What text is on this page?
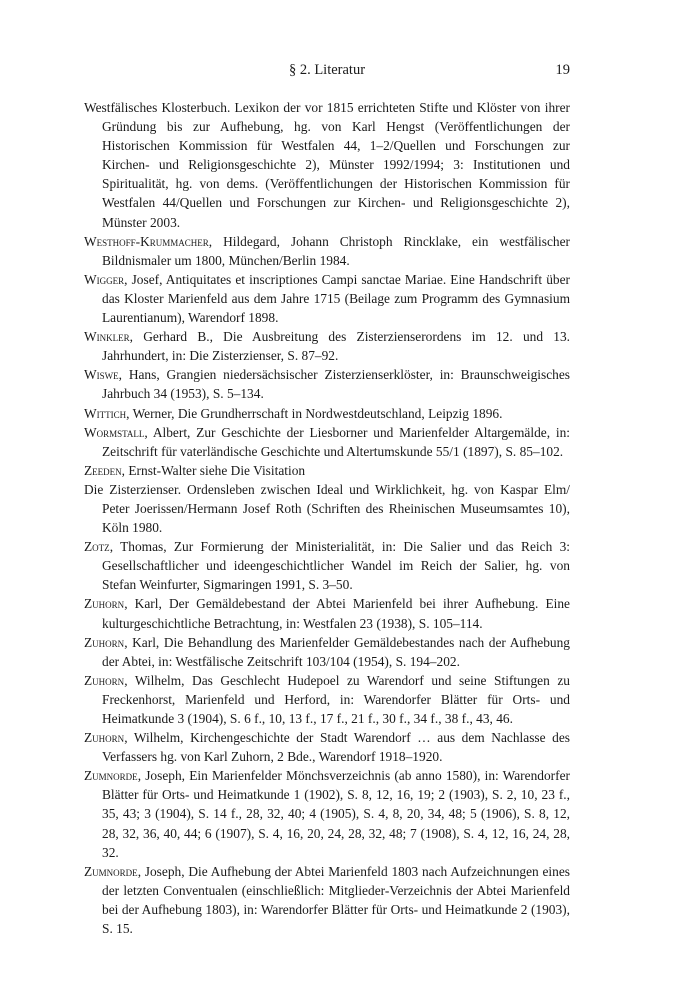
§ 2. Literatur	19

Westfälisches Klosterbuch. Lexikon der vor 1815 errichteten Stifte und Klöster von ihrer Gründung bis zur Aufhebung, hg. von Karl Hengst (Veröffentlichungen der Historischen Kommission für Westfalen 44, 1–2/Quellen und Forschungen zur Kirchen- und Religionsgeschichte 2), Münster 1992/1994; 3: Institutionen und Spiritualität, hg. von dems. (Veröffentlichungen der Historischen Kommission für Westfalen 44/Quellen und Forschungen zur Kirchen- und Religionsgeschichte 2), Münster 2003.

Westhoff-Krummacher, Hildegard, Johann Christoph Rincklake, ein westfälischer Bildnismaler um 1800, München/Berlin 1984.

Wigger, Josef, Antiquitates et inscriptiones Campi sanctae Mariae. Eine Handschrift über das Kloster Marienfeld aus dem Jahre 1715 (Beilage zum Programm des Gymnasium Laurentianum), Warendorf 1898.

Winkler, Gerhard B., Die Ausbreitung des Zisterzienserordens im 12. und 13. Jahrhundert, in: Die Zisterzienser, S. 87–92.

Wiswe, Hans, Grangien niedersächsischer Zisterzienserklöster, in: Braunschweigisches Jahrbuch 34 (1953), S. 5–134.

Wittich, Werner, Die Grundherrschaft in Nordwestdeutschland, Leipzig 1896.

Wormstall, Albert, Zur Geschichte der Liesborner und Marienfelder Altargemälde, in: Zeitschrift für vaterländische Geschichte und Altertumskunde 55/1 (1897), S. 85–102.

Zeeden, Ernst-Walter siehe Die Visitation

Die Zisterzienser. Ordensleben zwischen Ideal und Wirklichkeit, hg. von Kaspar Elm/ Peter Joerissen/Hermann Josef Roth (Schriften des Rheinischen Museumsamtes 10), Köln 1980.

Zotz, Thomas, Zur Formierung der Ministerialität, in: Die Salier und das Reich 3: Gesellschaftlicher und ideengeschichtlicher Wandel im Reich der Salier, hg. von Stefan Weinfurter, Sigmaringen 1991, S. 3–50.

Zuhorn, Karl, Der Gemäldebestand der Abtei Marienfeld bei ihrer Aufhebung. Eine kulturgeschichtliche Betrachtung, in: Westfalen 23 (1938), S. 105–114.

Zuhorn, Karl, Die Behandlung des Marienfelder Gemäldebestandes nach der Aufhebung der Abtei, in: Westfälische Zeitschrift 103/104 (1954), S. 194–202.

Zuhorn, Wilhelm, Das Geschlecht Hudepoel zu Warendorf und seine Stiftungen zu Freckenhorst, Marienfeld und Herford, in: Warendorfer Blätter für Orts- und Heimatkunde 3 (1904), S. 6 f., 10, 13 f., 17 f., 21 f., 30 f., 34 f., 38 f., 43, 46.

Zuhorn, Wilhelm, Kirchengeschichte der Stadt Warendorf … aus dem Nachlasse des Verfassers hg. von Karl Zuhorn, 2 Bde., Warendorf 1918–1920.

Zumnorde, Joseph, Ein Marienfelder Mönchsverzeichnis (ab anno 1580), in: Warendorfer Blätter für Orts- und Heimatkunde 1 (1902), S. 8, 12, 16, 19; 2 (1903), S. 2, 10, 23 f., 35, 43; 3 (1904), S. 14 f., 28, 32, 40; 4 (1905), S. 4, 8, 20, 34, 48; 5 (1906), S. 8, 12, 28, 32, 36, 40, 44; 6 (1907), S. 4, 16, 20, 24, 28, 32, 48; 7 (1908), S. 4, 12, 16, 24, 28, 32.

Zumnorde, Joseph, Die Aufhebung der Abtei Marienfeld 1803 nach Aufzeichnungen eines der letzten Conventualen (einschließlich: Mitglieder-Verzeichnis der Abtei Marienfeld bei der Aufhebung 1803), in: Warendorfer Blätter für Orts- und Heimatkunde 2 (1903), S. 15.
